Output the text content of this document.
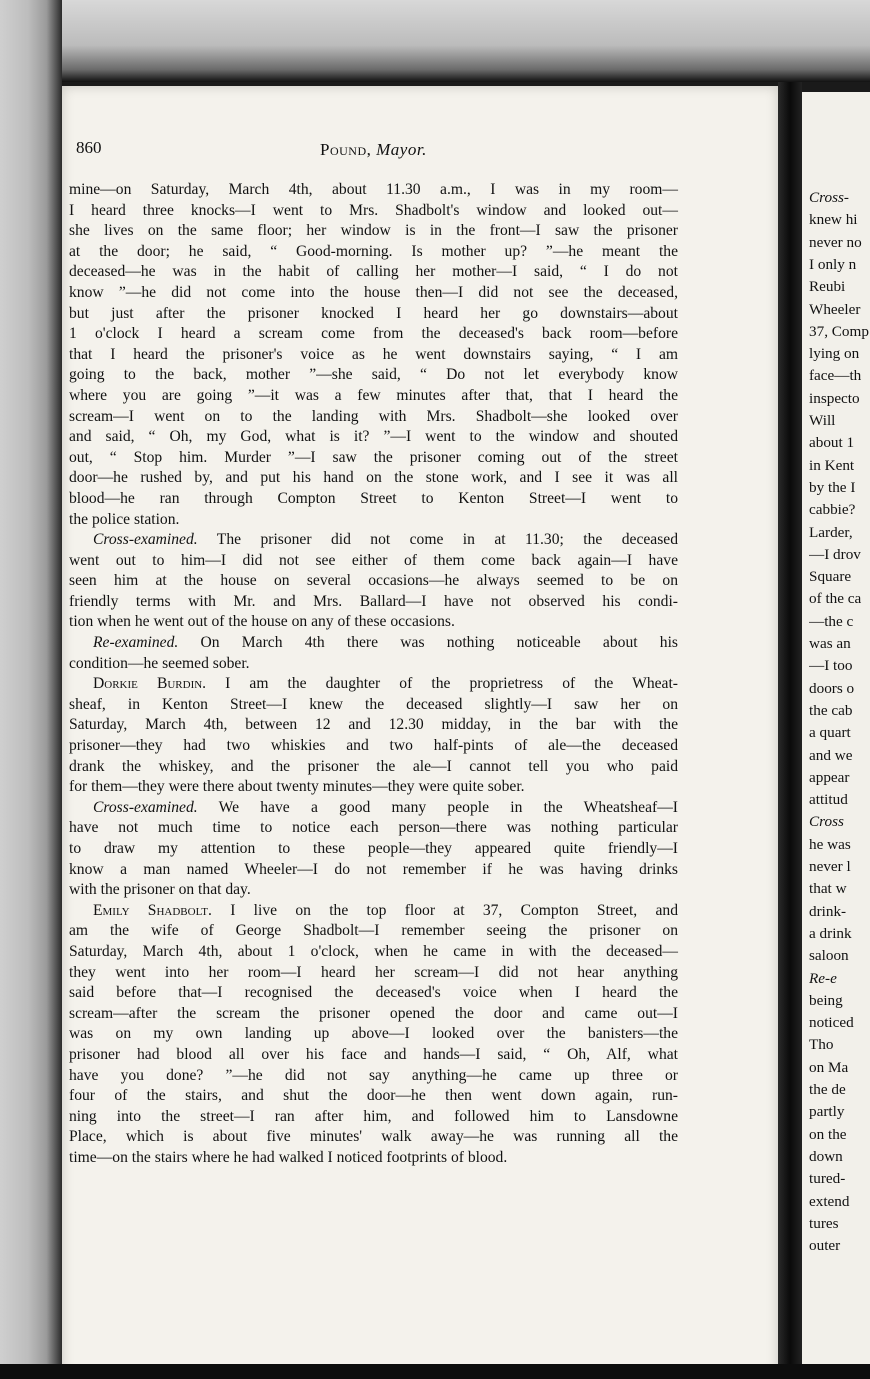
Cross-
knew hi
never no
I only n
Reubi
Wheeler
37, Comp
lying on
face—th
inspecto
Will
about 1
in Kent
by the I
cabbie?
Larder,
—I drov
Square
of the ca
—the c
was an
—I too
doors o
the cab
a quart
and we
appear
attitud
Cross
he was
never l
that w
drink-
a drink
saloon
Re-e
being
noticed
Tho
on Ma
the de
partly
on the
down
tured-
extend
tures
outer
860	Pound, Mayor.

mine—on Saturday, March 4th, about 11.30 a.m., I was in my room—

I heard three knocks—I went to Mrs. Shadbolt's window and looked out—

she lives on the same floor; her window is in the front—I saw the prisoner

at the door; he said, “ Good-morning. Is mother up? ”—he meant the

deceased—he was in the habit of calling her mother—I said, “ I do not

know ”—he did not come into the house then—I did not see the deceased,

but just after the prisoner knocked I heard her go downstairs—about

1 o'clock I heard a scream come from the deceased's back room—before

that I heard the prisoner's voice as he went downstairs saying, “ I am

going to the back, mother ”—she said, “ Do not let everybody know

where you are going ”—it was a few minutes after that, that I heard the

scream—I went on to the landing with Mrs. Shadbolt—she looked over

and said, “ Oh, my God, what is it? ”—I went to the window and shouted

out, “ Stop him. Murder ”—I saw the prisoner coming out of the street

door—he rushed by, and put his hand on the stone work, and I see it was all

blood—he ran through Compton Street to Kenton Street—I went to

the police station.

Cross-examined. The prisoner did not come in at 11.30; the deceased

went out to him—I did not see either of them come back again—I have

seen him at the house on several occasions—he always seemed to be on

friendly terms with Mr. and Mrs. Ballard—I have not observed his condi-

tion when he went out of the house on any of these occasions.

Re-examined. On March 4th there was nothing noticeable about his

condition—he seemed sober.

Dorkie Burdin. I am the daughter of the proprietress of the Wheat-

sheaf, in Kenton Street—I knew the deceased slightly—I saw her on

Saturday, March 4th, between 12 and 12.30 midday, in the bar with the

prisoner—they had two whiskies and two half-pints of ale—the deceased

drank the whiskey, and the prisoner the ale—I cannot tell you who paid

for them—they were there about twenty minutes—they were quite sober.

Cross-examined. We have a good many people in the Wheatsheaf—I

have not much time to notice each person—there was nothing particular

to draw my attention to these people—they appeared quite friendly—I

know a man named Wheeler—I do not remember if he was having drinks

with the prisoner on that day.

Emily Shadbolt. I live on the top floor at 37, Compton Street, and

am the wife of George Shadbolt—I remember seeing the prisoner on

Saturday, March 4th, about 1 o'clock, when he came in with the deceased—

they went into her room—I heard her scream—I did not hear anything

said before that—I recognised the deceased's voice when I heard the

scream—after the scream the prisoner opened the door and came out—I

was on my own landing up above—I looked over the banisters—the

prisoner had blood all over his face and hands—I said, “ Oh, Alf, what

have you done? ”—he did not say anything—he came up three or

four of the stairs, and shut the door—he then went down again, run-

ning into the street—I ran after him, and followed him to Lansdowne

Place, which is about five minutes' walk away—he was running all the

time—on the stairs where he had walked I noticed footprints of blood.
